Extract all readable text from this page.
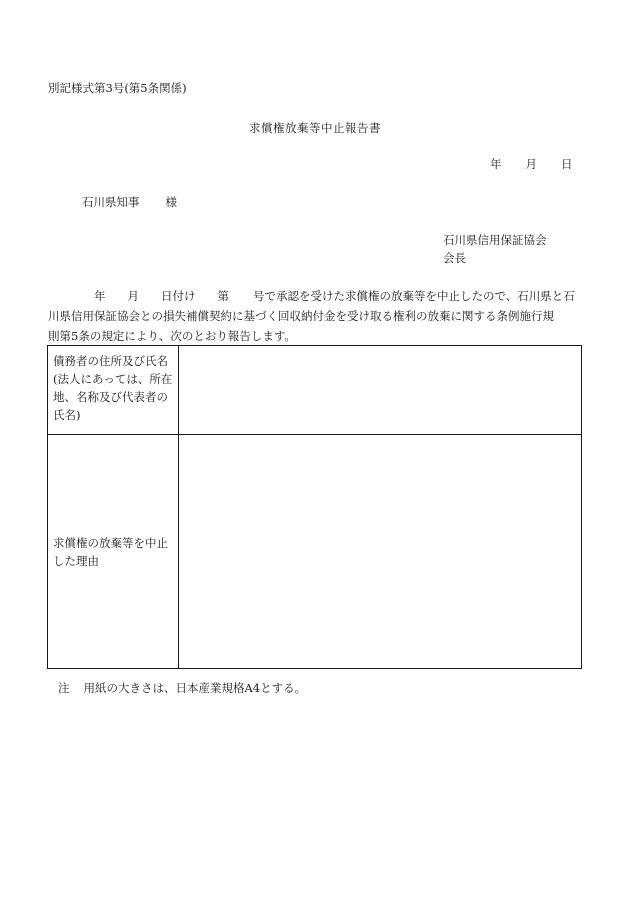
別記様式第3号(第5条関係)
求償権放棄等中止報告書
年 月 日
石川県知事 様
石川県信用保証協会
会長
年 月 日付け 第 号で承認を受けた求償権の放棄等を中止したので、石川県と石
川県信用保証協会との損失補償契約に基づく回収納付金を受け取る権利の放棄に関する条例施行規
則第5条の規定により、次のとおり報告します。
債務者の住所及び氏名(法人にあっては、所在地、名称及び代表者の氏名)	
求償権の放棄等を中止した理由	
注 用紙の大きさは、日本産業規格A4とする。
